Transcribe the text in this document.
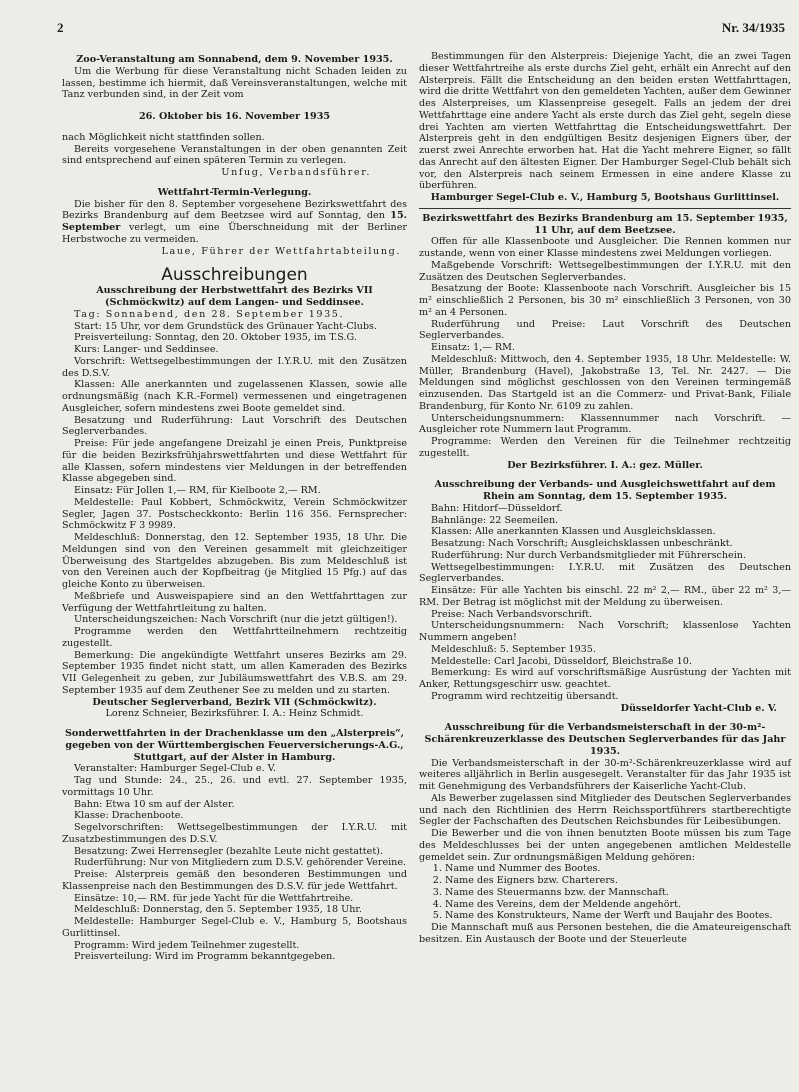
2	Nr. 34/1935

Zoo-Veranstaltung am Sonnabend, dem 9. November 1935.

Um die Werbung für diese Veranstaltung nicht Schaden leiden zu lassen, bestimme ich hiermit, daß Vereinsveranstaltungen, welche mit Tanz verbunden sind, in der Zeit vom

26. Oktober bis 16. November 1935

nach Möglichkeit nicht stattfinden sollen.

Bereits vorgesehene Veranstaltungen in der oben genannten Zeit sind entsprechend auf einen späteren Termin zu verlegen.

Unfug, Verbandsführer.

Wettfahrt-Termin-Verlegung.

Die bisher für den 8. September vorgesehene Bezirkswettfahrt des Bezirks Brandenburg auf dem Beetzsee wird auf Sonntag, den 15. September verlegt, um eine Überschneidung mit der Berliner Herbstwoche zu vermeiden.

Laue, Führer der Wettfahrtabteilung.

Ausschreibungen

Ausschreibung der Herbstwettfahrt des Bezirks VII (Schmöckwitz) auf dem Langen- und Seddinsee.

Tag: Sonnabend, den 28. September 1935.

Start: 15 Uhr, vor dem Grundstück des Grünauer Yacht-Clubs.

Preisverteilung: Sonntag, den 20. Oktober 1935, im T.S.G.

Kurs: Langer- und Seddinsee.

Vorschrift: Wettsegelbestimmungen der I.Y.R.U. mit den Zusätzen des D.S.V.

Klassen: Alle anerkannten und zugelassenen Klassen, sowie alle ordnungsmäßig (nach K.R.-Formel) vermessenen und eingetragenen Ausgleicher, sofern mindestens zwei Boote gemeldet sind.

Besatzung und Ruderführung: Laut Vorschrift des Deutschen Seglerverbandes.

Preise: Für jede angefangene Dreizahl je einen Preis, Punktpreise für die beiden Bezirksfrühjahrswettfahrten und diese Wettfahrt für alle Klassen, sofern mindestens vier Meldungen in der betreffenden Klasse abgegeben sind.

Einsatz: Für Jollen 1,— RM, für Kielboote 2,— RM.

Meldestelle: Paul Kobbert, Schmöckwitz, Verein Schmöckwitzer Segler, Jagen 37. Postscheckkonto: Berlin 116 356. Fernsprecher: Schmöckwitz F 3 9989.

Meldeschluß: Donnerstag, den 12. September 1935, 18 Uhr. Die Meldungen sind von den Vereinen gesammelt mit gleichzeitiger Überweisung des Startgeldes abzugeben. Bis zum Meldeschluß ist von den Vereinen auch der Kopfbeitrag (je Mitglied 15 Pfg.) auf das gleiche Konto zu überweisen.

Meßbriefe und Ausweispapiere sind an den Wettfahrttagen zur Verfügung der Wettfahrtleitung zu halten.

Unterscheidungszeichen: Nach Vorschrift (nur die jetzt gültigen!).

Programme werden den Wettfahrtteilnehmern rechtzeitig zugestellt.

Bemerkung: Die angekündigte Wettfahrt unseres Bezirks am 29. September 1935 findet nicht statt, um allen Kameraden des Bezirks VII Gelegenheit zu geben, zur Jubiläumswettfahrt des V.B.S. am 29. September 1935 auf dem Zeuthener See zu melden und zu starten.

Deutscher Seglerverband, Bezirk VII (Schmöckwitz).

Lorenz Schneier, Bezirksführer. I. A.: Heinz Schmidt.

Sonderwettfahrten in der Drachenklasse um den „Alsterpreis“, gegeben von der Württembergischen Feuerversicherungs-A.G., Stuttgart, auf der Alster in Hamburg.

Veranstalter: Hamburger Segel-Club e. V.

Tag und Stunde: 24., 25., 26. und evtl. 27. September 1935, vormittags 10 Uhr.

Bahn: Etwa 10 sm auf der Alster.

Klasse: Drachenboote.

Segelvorschriften: Wettsegelbestimmungen der I.Y.R.U. mit Zusatzbestimmungen des D.S.V.

Besatzung: Zwei Herrensegler (bezahlte Leute nicht gestattet).

Ruderführung: Nur von Mitgliedern zum D.S.V. gehörender Vereine.

Preise: Alsterpreis gemäß den besonderen Bestimmungen und Klassenpreise nach den Bestimmungen des D.S.V. für jede Wettfahrt.

Einsätze: 10,— RM. für jede Yacht für die Wettfahrtreihe.

Meldeschluß: Donnerstag, den 5. September 1935, 18 Uhr.

Meldestelle: Hamburger Segel-Club e. V., Hamburg 5, Bootshaus Gurlittinsel.

Programm: Wird jedem Teilnehmer zugestellt.

Preisverteilung: Wird im Programm bekanntgegeben.

Bestimmungen für den Alsterpreis: Diejenige Yacht, die an zwei Tagen dieser Wettfahrtreihe als erste durchs Ziel geht, erhält ein Anrecht auf den Alsterpreis. Fällt die Entscheidung an den beiden ersten Wettfahrttagen, wird die dritte Wettfahrt von den gemeldeten Yachten, außer dem Gewinner des Alsterpreises, um Klassenpreise gesegelt. Falls an jedem der drei Wettfahrttage eine andere Yacht als erste durch das Ziel geht, segeln diese drei Yachten am vierten Wettfahrttag die Entscheidungswettfahrt. Der Alsterpreis geht in den endgültigen Besitz desjenigen Eigners über, der zuerst zwei Anrechte erworben hat. Hat die Yacht mehrere Eigner, so fällt das Anrecht auf den ältesten Eigner. Der Hamburger Segel-Club behält sich vor, den Alsterpreis nach seinem Ermessen in eine andere Klasse zu überführen.

Hamburger Segel-Club e. V., Hamburg 5, Bootshaus Gurlittinsel.

Bezirkswettfahrt des Bezirks Brandenburg am 15. September 1935, 11 Uhr, auf dem Beetzsee.

Offen für alle Klassenboote und Ausgleicher. Die Rennen kommen nur zustande, wenn von einer Klasse mindestens zwei Meldungen vorliegen.

Maßgebende Vorschrift: Wettsegelbestimmungen der I.Y.R.U. mit den Zusätzen des Deutschen Seglerverbandes.

Besatzung der Boote: Klassenboote nach Vorschrift. Ausgleicher bis 15 m² einschließlich 2 Personen, bis 30 m² einschließlich 3 Personen, von 30 m² an 4 Personen.

Ruderführung und Preise: Laut Vorschrift des Deutschen Seglerverbandes.

Einsatz: 1,— RM.

Meldeschluß: Mittwoch, den 4. September 1935, 18 Uhr. Meldestelle: W. Müller, Brandenburg (Havel), Jakobstraße 13, Tel. Nr. 2427. — Die Meldungen sind möglichst geschlossen von den Vereinen termingemäß einzusenden. Das Startgeld ist an die Commerz- und Privat-Bank, Filiale Brandenburg, für Konto Nr. 6109 zu zahlen.

Unterscheidungsnummern: Klassennummer nach Vorschrift. — Ausgleicher rote Nummern laut Programm.

Programme: Werden den Vereinen für die Teilnehmer rechtzeitig zugestellt.

Der Bezirksführer. I. A.: gez. Müller.

Ausschreibung der Verbands- und Ausgleichswettfahrt auf dem Rhein am Sonntag, dem 15. September 1935.

Bahn: Hitdorf—Düsseldorf.

Bahnlänge: 22 Seemeilen.

Klassen: Alle anerkannten Klassen und Ausgleichsklassen.

Besatzung: Nach Vorschrift; Ausgleichsklassen unbeschränkt.

Ruderführung: Nur durch Verbandsmitglieder mit Führerschein.

Wettsegelbestimmungen: I.Y.R.U. mit Zusätzen des Deutschen Seglerverbandes.

Einsätze: Für alle Yachten bis einschl. 22 m² 2,— RM., über 22 m² 3,— RM. Der Betrag ist möglichst mit der Meldung zu überweisen.

Preise: Nach Verbandsvorschrift.

Unterscheidungsnummern: Nach Vorschrift; klassenlose Yachten Nummern angeben!

Meldeschluß: 5. September 1935.

Meldestelle: Carl Jacobi, Düsseldorf, Bleichstraße 10.

Bemerkung: Es wird auf vorschriftsmäßige Ausrüstung der Yachten mit Anker, Rettungsgeschirr usw. geachtet.

Programm wird rechtzeitig übersandt.

Düsseldorfer Yacht-Club e. V.

Ausschreibung für die Verbandsmeisterschaft in der 30-m²-Schärenkreuzerklasse des Deutschen Seglerverbandes für das Jahr 1935.

Die Verbandsmeisterschaft in der 30-m²-Schärenkreuzerklasse wird auf weiteres alljährlich in Berlin ausgesegelt. Veranstalter für das Jahr 1935 ist mit Genehmigung des Verbandsführers der Kaiserliche Yacht-Club.

Als Bewerber zugelassen sind Mitglieder des Deutschen Seglerverbandes und nach den Richtlinien des Herrn Reichssportführers startberechtigte Segler der Fachschaften des Deutschen Reichsbundes für Leibesübungen.

Die Bewerber und die von ihnen benutzten Boote müssen bis zum Tage des Meldeschlusses bei der unten angegebenen amtlichen Meldestelle gemeldet sein. Zur ordnungsmäßigen Meldung gehören:

1. Name und Nummer des Bootes.
2. Name des Eigners bzw. Charterers.
3. Name des Steuermanns bzw. der Mannschaft.
4. Name des Vereins, dem der Meldende angehört.
5. Name des Konstrukteurs, Name der Werft und Baujahr des Bootes.

Die Mannschaft muß aus Personen bestehen, die die Amateureigenschaft besitzen. Ein Austausch der Boote und der Steuerleute
